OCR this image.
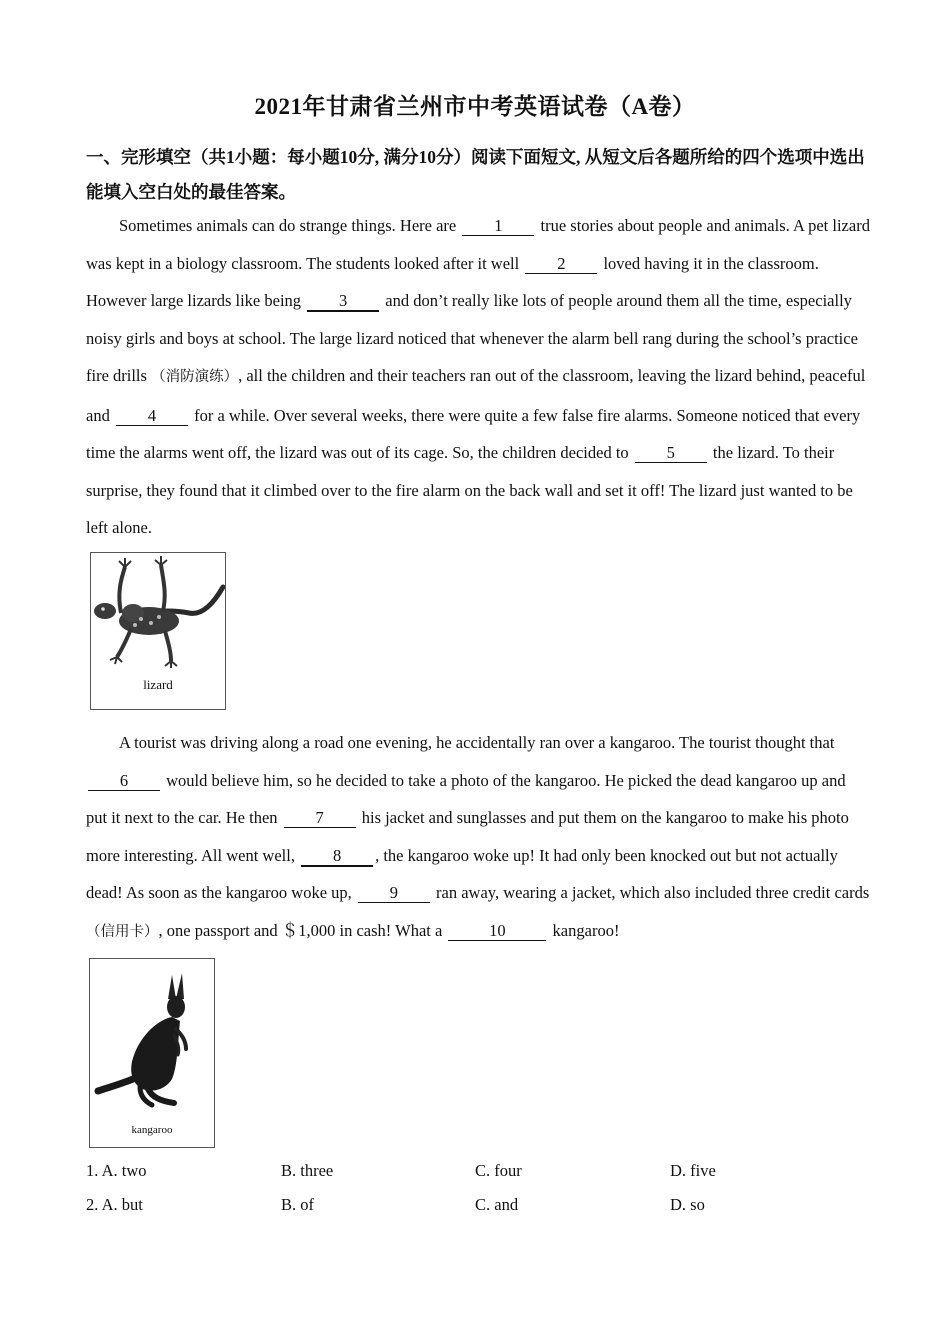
2021年甘肃省兰州市中考英语试卷（A卷）
一、完形填空（共1小题：每小题10分, 满分10分）阅读下面短文, 从短文后各题所给的四个选项中选出能填入空白处的最佳答案。
Sometimes animals can do strange things. Here are 1 true stories about people and animals. A pet lizard was kept in a biology classroom. The students looked after it well 2 loved having it in the classroom. However large lizards like being 3 and don’t really like lots of people around them all the time, especially noisy girls and boys at school. The large lizard noticed that whenever the alarm bell rang during the school’s practice fire drills （消防演练）, all the children and their teachers ran out of the classroom, leaving the lizard behind, peaceful and 4 for a while. Over several weeks, there were quite a few false fire alarms. Someone noticed that every time the alarms went off, the lizard was out of its cage. So, the children decided to 5 the lizard. To their surprise, they found that it climbed over to the fire alarm on the back wall and set it off! The lizard just wanted to be left alone.
lizard
A tourist was driving along a road one evening, he accidentally ran over a kangaroo. The tourist thought that 6 would believe him, so he decided to take a photo of the kangaroo. He picked the dead kangaroo up and put it next to the car. He then 7 his jacket and sunglasses and put them on the kangaroo to make his photo more interesting. All went well, 8 , the kangaroo woke up! It had only been knocked out but not actually dead! As soon as the kangaroo woke up, 9 ran away, wearing a jacket, which also included three credit cards （信用卡）, one passport and ＄1,000 in cash! What a	10	kangaroo!
kangaroo
1. A. two	B. three	C. four	D. five
2. A. but	B. of	C. and	D. so
